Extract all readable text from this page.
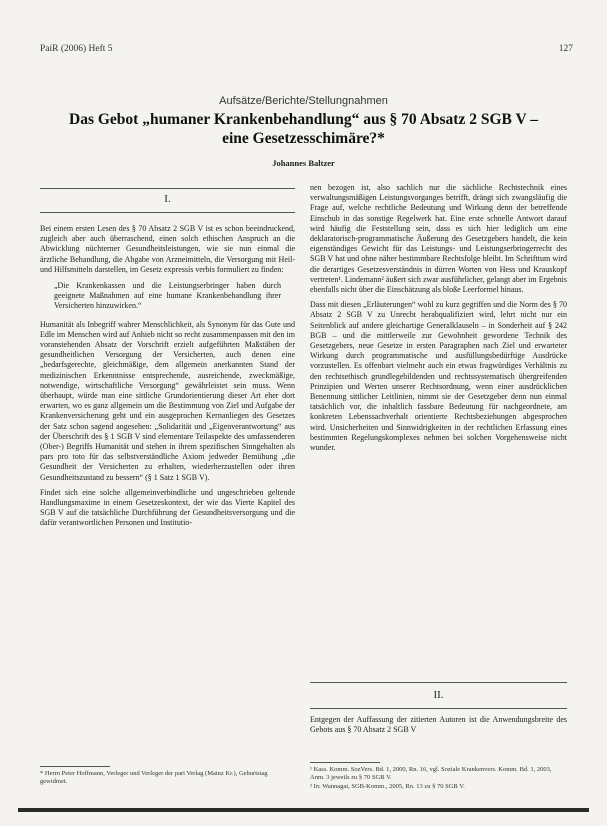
PaiR (2006) Heft 5	127
Aufsätze/Berichte/Stellungnahmen
Das Gebot „humaner Krankenbehandlung“ aus § 70 Absatz 2 SGB V –
eine Gesetzesschimäre?*
Johannes Baltzer
I.

Bei einem ersten Lesen des § 70 Absatz 2 SGB V ist es schon beeindruckend, zugleich aber auch überraschend, einen solch ethischen Anspruch an die Abwicklung nüchterner Gesundheitsleistungen, wie sie nun einmal die ärztliche Behandlung, die Abgabe von Arzneimitteln, die Versorgung mit Heil- und Hilfsmitteln darstellen, im Gesetz expressis verbis formuliert zu finden:

„Die Krankenkassen und die Leistungserbringer haben durch geeignete Maßnahmen auf eine humane Krankenbehandlung ihrer Versicherten hinzuwirken.“

Humanität als Inbegriff wahrer Menschlichkeit, als Synonym für das Gute und Edle im Menschen wird auf Anhieb nicht so recht zusammenpassen mit den im voranstehenden Absatz der Vorschrift erzielt aufgeführten Maßstäben der gesundheitlichen Versorgung der Versicherten, auch denen eine „bedarfsgerechte, gleichmäßige, dem allgemein anerkannten Stand der medizinischen Erkenntnisse entsprechende, ausreichende, zweckmäßige, notwendige, wirtschaftliche Versorgung“ gewährleistet sein muss. Wenn überhaupt, würde man eine sittliche Grundorientierung dieser Art eher dort erwarten, wo es ganz allgemein um die Bestimmung von Ziel und Aufgabe der Krankenversicherung geht und ein ausgeprochen Kernanliegen des Gesetzes der Satz schon sagend angesehen: „Solidarität und „Eigenverantwortung“ aus der Überschrift des § 1 SGB V sind elementare Teilaspekte des umfassenderen (Ober-) Begriffs Humanität und stehen in ihrem spezifischen Sinngehalten als pars pro toto für das selbstverständliche Axiom jedweder Bemühung „die Gesundheit der Versicherten zu erhalten, wiederherzustellen oder ihren Gesundheitszustand zu bessern“ (§ 1 Satz 1 SGB V).

Findet sich eine solche allgemeinverbindliche und ungeschrieben geltende Handlungsmaxime in einem Gesetzeskontext, der wie das Vierte Kapitel des SGB V auf die tatsächliche Durchführung der Gesundheitsversorgung und die dafür verantwortlichen Personen und Institutio-

* Herrn Peter Hoffmann, Verleger und Verleger der pari Verlag (Mainz Kr.), Geburtstag gewidmet.

nen bezogen ist, also sachlich nur die sächliche Rechtstechnik eines verwaltungsmäßigen Leistungsvorganges betrifft, drängt sich zwangsläufig die Frage auf, welche rechtliche Bedeutung und Wirkung denn der betreffende Einschub in das sonstige Regelwerk hat. Eine erste schnelle Antwort darauf wird häufig die Feststellung sein, dass es sich hier lediglich um eine deklaratorisch-programmatische Äußerung des Gesetzgebers handelt, die kein eigenständiges Gewicht für das Leistungs- und Leistungserbringerrecht des SGB V hat und ohne näher bestimmbare Rechtsfolge bleibt. Im Schrifttum wird die derartiges Gesetzesverständnis in dürren Worten von Hess und Krauskopf vertreten¹. Lindemann² äußert sich zwar ausführlicher, gelangt aber im Ergebnis ebenfalls nicht über die Einschätzung als bloße Leerformel hinaus.

Dass mit diesen „Erläuterungen“ wohl zu kurz gegriffen und die Norm des § 70 Absatz 2 SGB V zu Unrecht herabqualifiziert wird, lehrt nicht nur ein Seitenblick auf andere gleichartige Generalklauseln – in Sonderheit auf § 242 BGB – und die mittlerweile zur Gewohnheit gewordene Technik des Gesetzgebers, neue Gesetze in ersten Paragraphen nach Ziel und erwarteter Wirkung durch programmatische und ausfüllungsbedürftige Ausdrücke vorzustellen. Es offenbart vielmehr auch ein etwas fragwürdiges Verhältnis zu den rechtsethisch grundlegebildenden und rechtssystematisch übergreifenden Prinzipien und Werten unserer Rechtsordnung, wenn einer ausdrücklichen Benennung sittlicher Leitlinien, nimmt sie der Gesetzgeber denn nun einmal tatsächlich vor, die inhaltlich fassbare Bedeutung für nachgeordnete, am konkreten Lebenssachverhalt orientierte Rechtsbeziehungen abgesprochen wird. Unsicherheiten und Sinnwidrigkeiten in der rechtlichen Erfassung eines bestimmten Regelungskomplexes nehmen bei solchen Vorgehensweise nicht wunder.

II.

Entgegen der Auffassung der zitierten Autoren ist die Anwendungsbreite des Gebots aus § 70 Absatz 2 SGB V

¹ Kass. Komm. SozVers. Bd. 1, 2000, Rn. 16, vgl. Soziale Krankenvers. Komm. Bd. 1, 2003, Anm. 3 jeweils zu § 70 SGB V.

² In: Wannagat, SGB-Komm., 2005, Rn. 13 zu § 70 SGB V.
